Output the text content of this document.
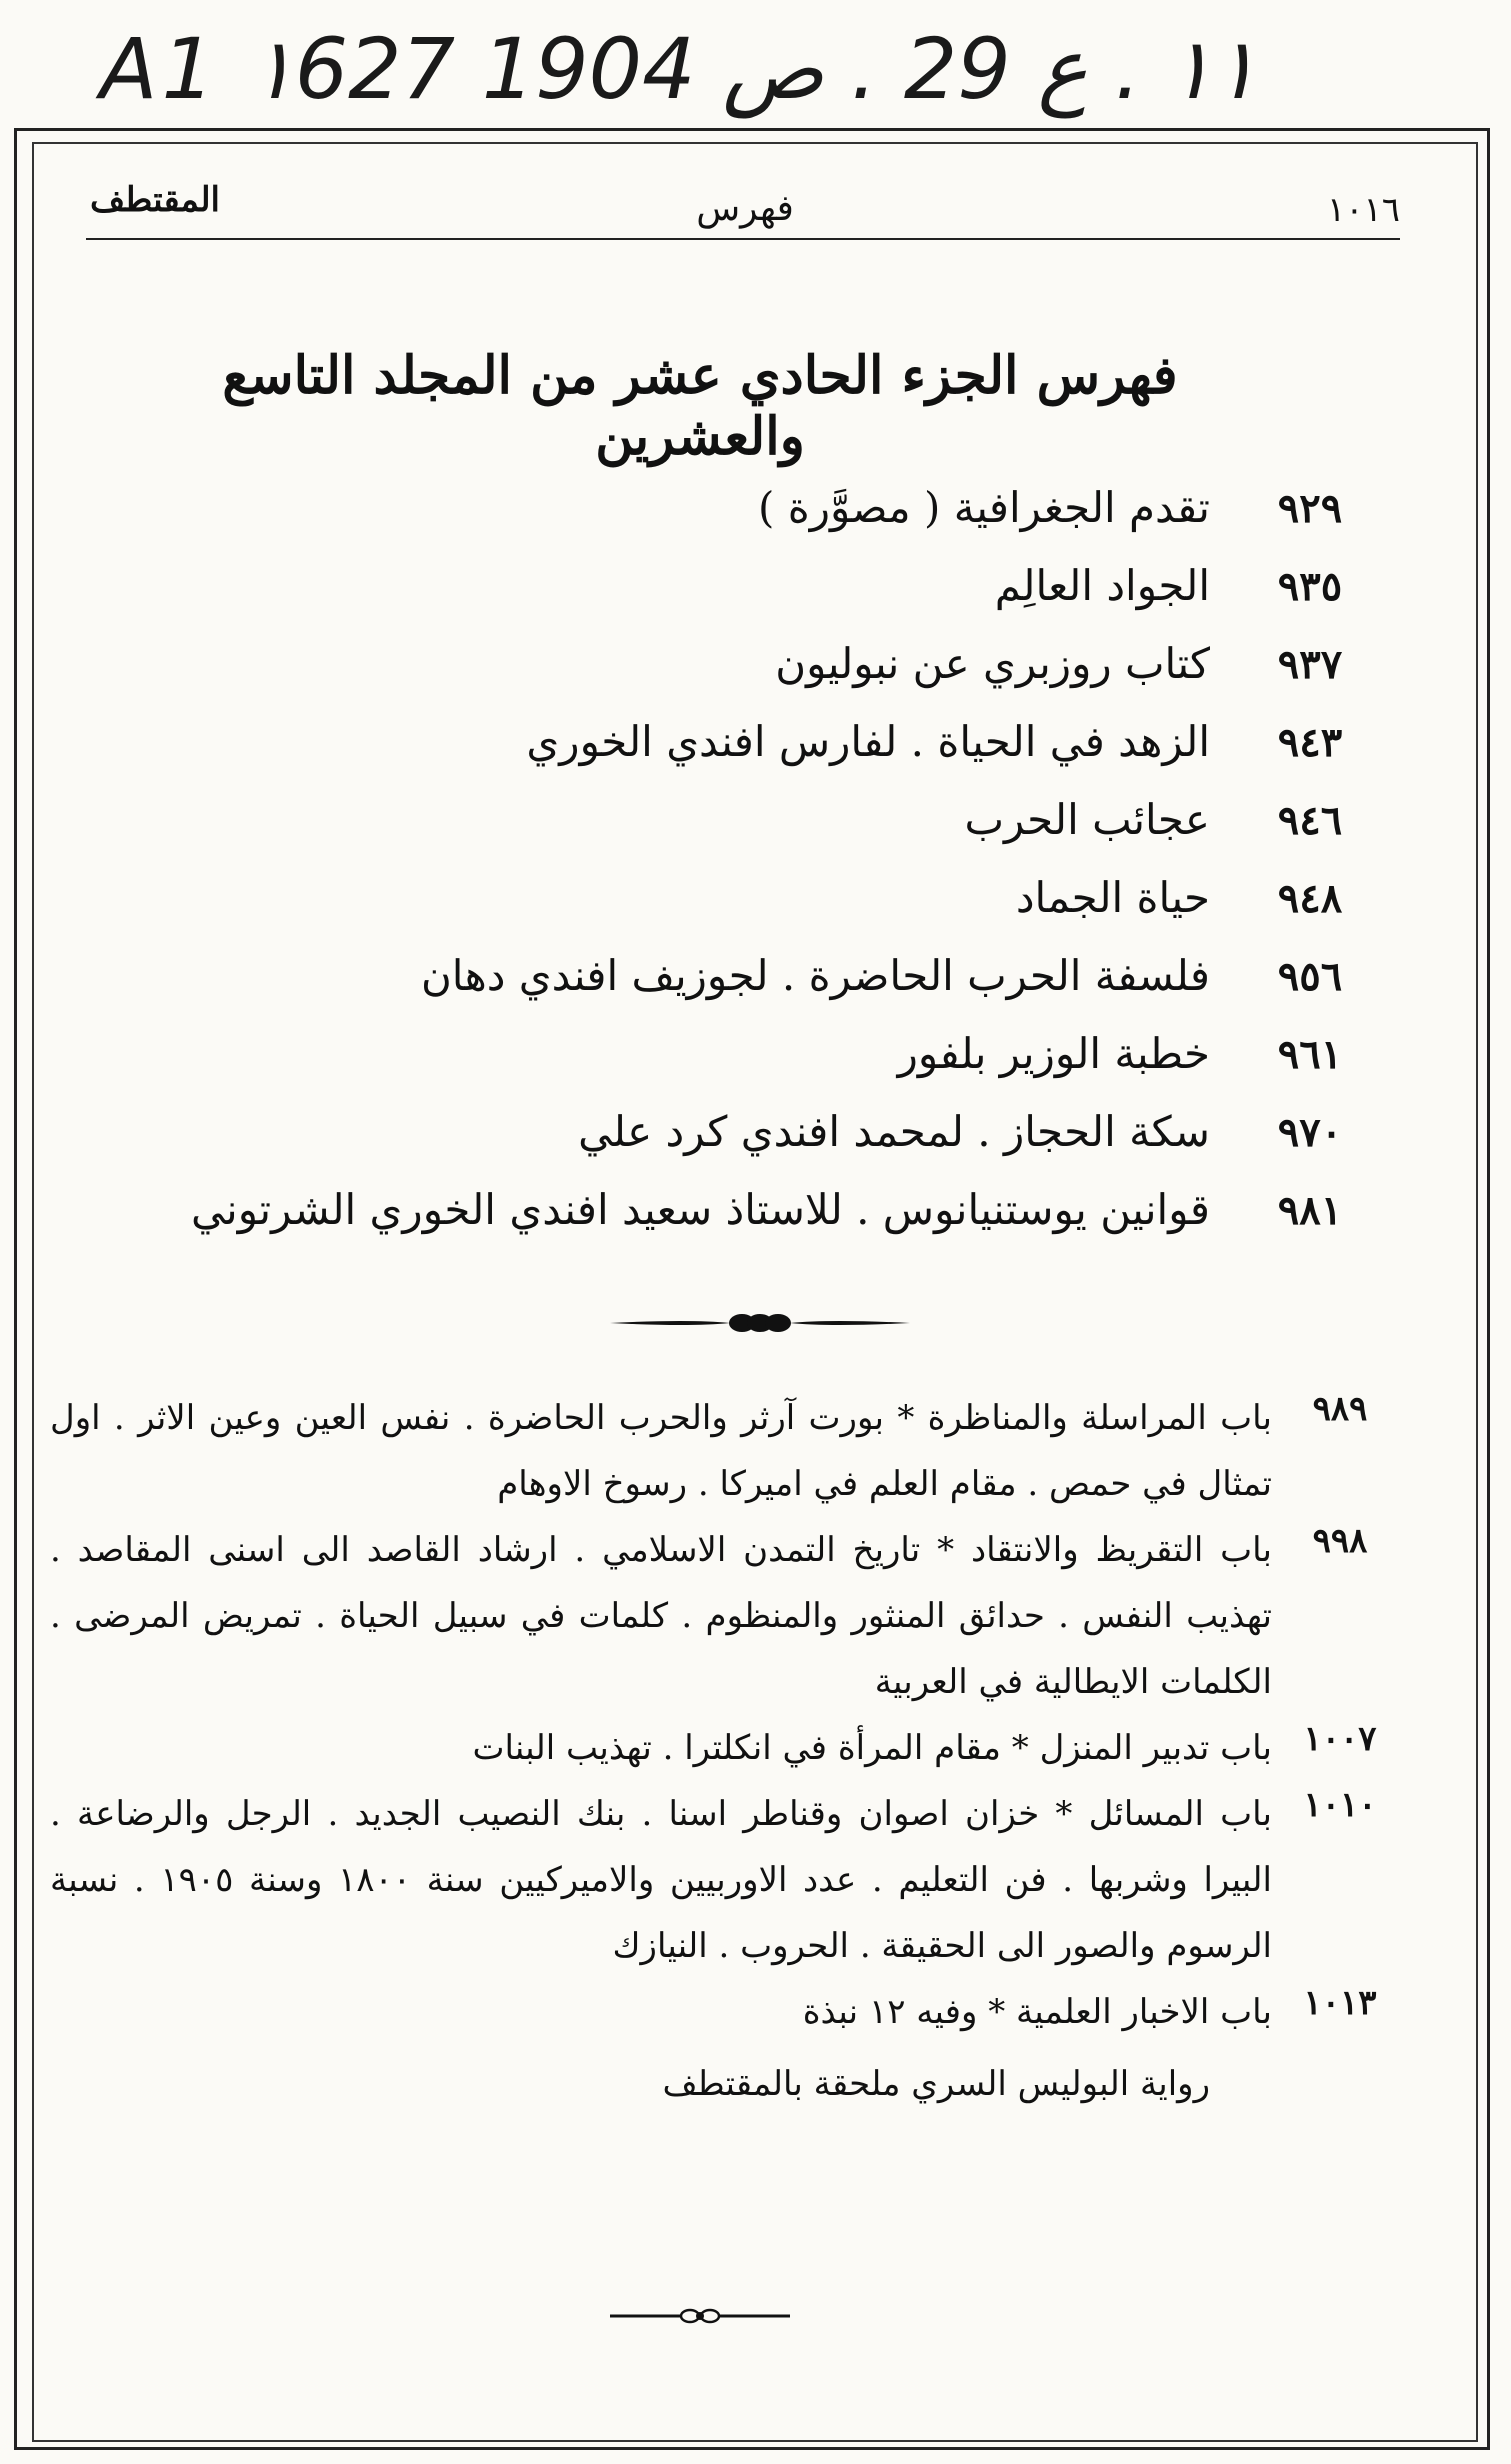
A1 ١١ . ع 29 . ص 1904 ١627
١٠١٦
فهرس
المقتطف
فهرس الجزء الحادي عشر من المجلد التاسع والعشرين
٩٢٩
تقدم الجغرافية ( مصوَّرة )
٩٣٥
الجواد العالِم
٩٣٧
كتاب روزبري عن نبوليون
٩٤٣
الزهد في الحياة . لفارس افندي الخوري
٩٤٦
عجائب الحرب
٩٤٨
حياة الجماد
٩٥٦
فلسفة الحرب الحاضرة . لجوزيف افندي دهان
٩٦١
خطبة الوزير بلفور
٩٧٠
سكة الحجاز . لمحمد افندي كرد علي
٩٨١
قوانين يوستنيانوس . للاستاذ سعيد افندي الخوري الشرتوني
٩٨٩
باب المراسلة والمناظرة * بورت آرثر والحرب الحاضرة . نفس العين وعين الاثر . اول تمثال في حمص . مقام العلم في اميركا . رسوخ الاوهام
٩٩٨
باب التقريظ والانتقاد * تاريخ التمدن الاسلامي . ارشاد القاصد الى اسنى المقاصد . تهذيب النفس . حدائق المنثور والمنظوم . كلمات في سبيل الحياة . تمريض المرضى . الكلمات الايطالية في العربية
١٠٠٧
باب تدبير المنزل * مقام المرأة في انكلترا . تهذيب البنات
١٠١٠
باب المسائل * خزان اصوان وقناطر اسنا . بنك النصيب الجديد . الرجل والرضاعة . البيرا وشربها . فن التعليم . عدد الاوربيين والاميركيين سنة ١٨٠٠ وسنة ١٩٠٥ . نسبة الرسوم والصور الى الحقيقة . الحروب . النيازك
١٠١٣
باب الاخبار العلمية * وفيه ١٢ نبذة
رواية البوليس السري ملحقة بالمقتطف
